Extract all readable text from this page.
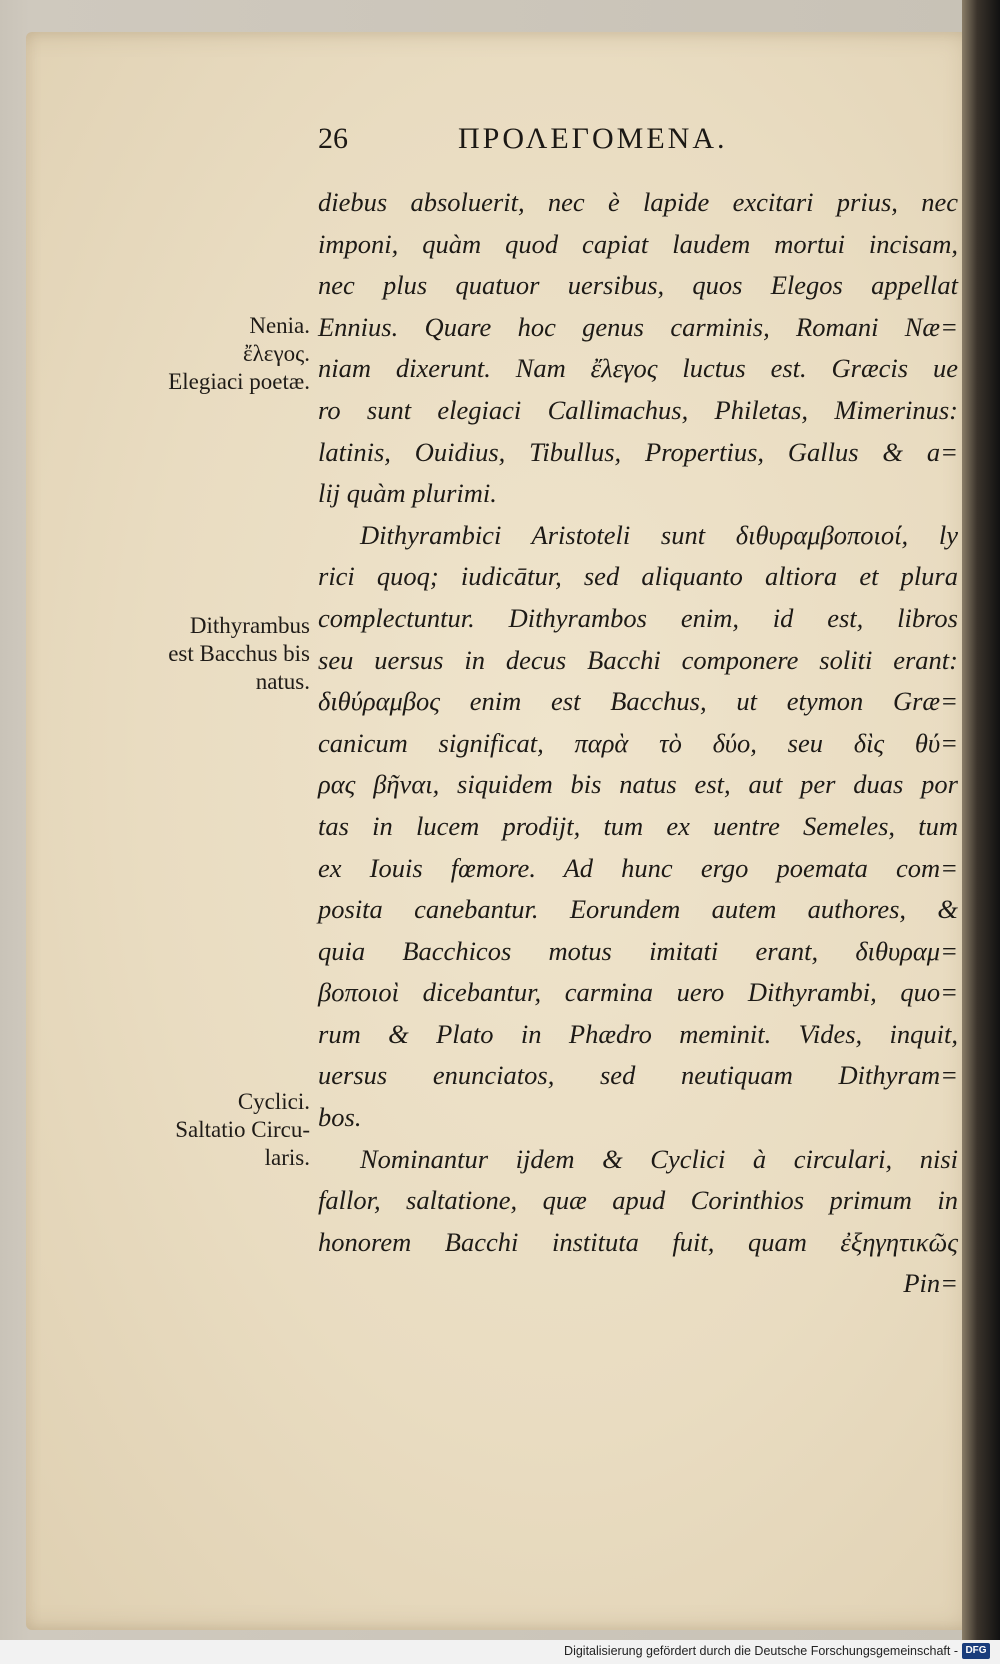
26	ΠΡΟΛΕΓΟΜΕΝΑ.
diebus absoluerit, nec è lapide excitari prius, nec
imponi, quàm quod capiat laudem mortui incisam,
nec plus quatuor uersibus, quos Elegos appellat
Ennius. Quare hoc genus carminis, Romani Næ=
niam dixerunt. Nam ἔλεγος luctus est. Græcis ue
ro sunt elegiaci Callimachus, Philetas, Mimerinus:
latinis, Ouidius, Tibullus, Propertius, Gallus & a=
lij quàm plurimi.
Dithyrambici Aristoteli sunt διθυραμβοποιοί, ly
rici quoq; iudicātur, sed aliquanto altiora et plura
complectuntur. Dithyrambos enim, id est, libros
seu uersus in decus Bacchi componere soliti erant:
διθύραμβος enim est Bacchus, ut etymon Græ=
canicum significat, παρὰ τὸ δύο, seu δὶς θύ=
ρας βῆναι, siquidem bis natus est, aut per duas por
tas in lucem prodijt, tum ex uentre Semeles, tum
ex Iouis fœmore. Ad hunc ergo poemata com=
posita canebantur. Eorundem autem authores, &
quia Bacchicos motus imitati erant, διθυραμ=
βοποιοὶ dicebantur, carmina uero Dithyrambi, quo=
rum & Plato in Phædro meminit. Vides, inquit,
uersus enunciatos, sed neutiquam Dithyram=
bos.
Nominantur ijdem & Cyclici à circulari, nisi
fallor, saltatione, quæ apud Corinthios primum in
honorem Bacchi instituta fuit, quam ἐξηγητικῶς
Pin=
Nenia.
ἔλεγος.
Elegiaci poetæ.
Dithyrambus
est Bacchus bis
natus.
Cyclici.
Saltatio Circu-
laris.
Digitalisierung gefördert durch die Deutsche Forschungsgemeinschaft - DFG
